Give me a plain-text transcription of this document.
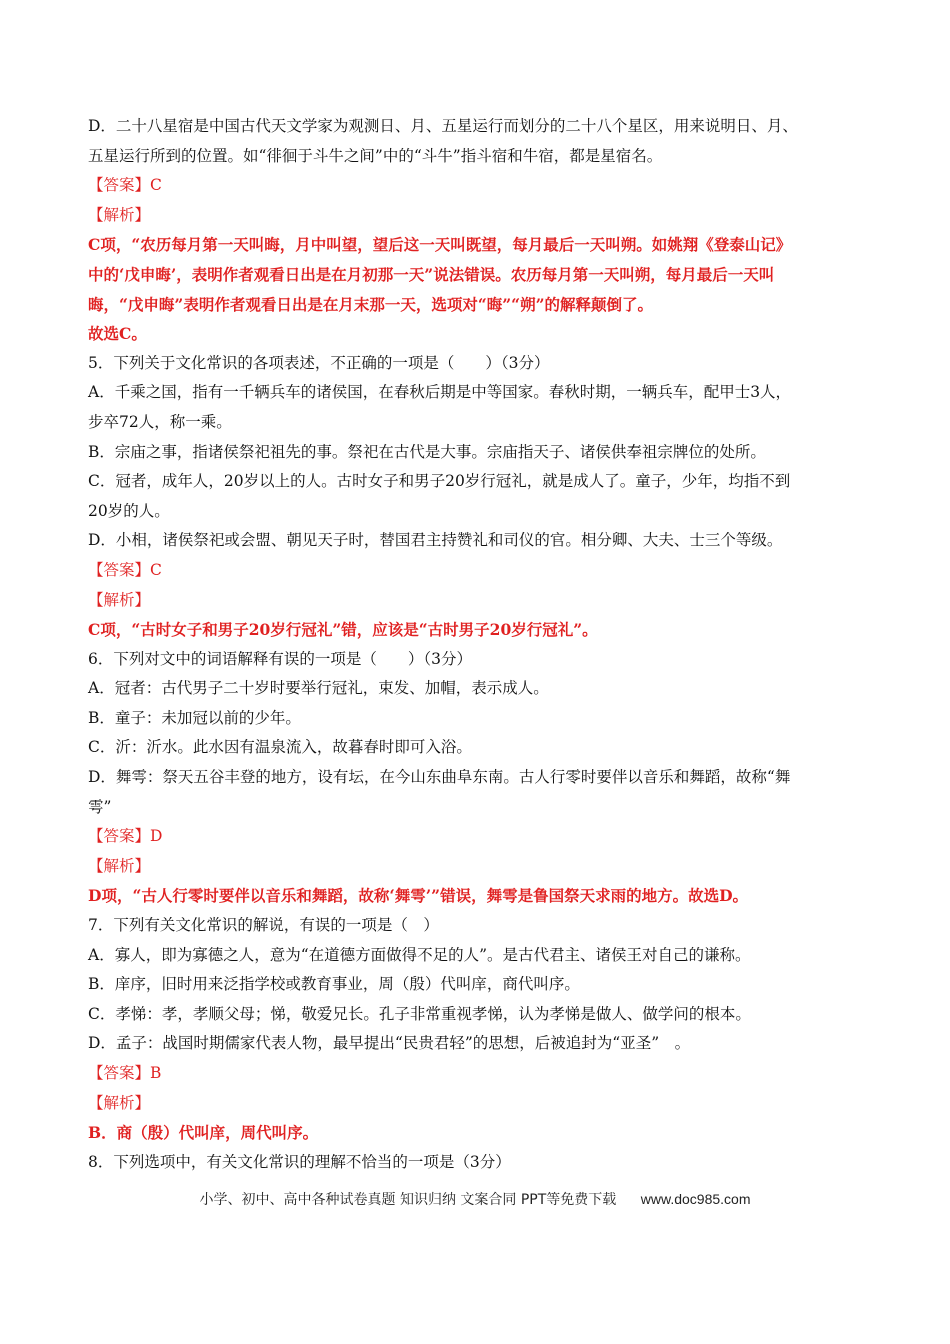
D．二十八星宿是中国古代天文学家为观测日、月、五星运行而划分的二十八个星区，用来说明日、月、
五星运行所到的位置。如“徘徊于斗牛之间”中的“斗牛”指斗宿和牛宿，都是星宿名。
【答案】C
【解析】
C项，“农历每月第一天叫晦，月中叫望，望后这一天叫既望，每月最后一天叫朔。如姚翔《登泰山记》
中的‘戊申晦’，表明作者观看日出是在月初那一天”说法错误。农历每月第一天叫朔，每月最后一天叫
晦，“戊申晦”表明作者观看日出是在月末那一天，选项对“晦”“朔”的解释颠倒了。
故选C。
5．下列关于文化常识的各项表述，不正确的一项是（　　）（3分）
A．千乘之国，指有一千辆兵车的诸侯国，在春秋后期是中等国家。春秋时期，一辆兵车，配甲士3人，
步卒72人，称一乘。
B．宗庙之事，指诸侯祭祀祖先的事。祭祀在古代是大事。宗庙指天子、诸侯供奉祖宗牌位的处所。
C．冠者，成年人，20岁以上的人。古时女子和男子20岁行冠礼，就是成人了。童子，少年，均指不到
20岁的人。
D．小相，诸侯祭祀或会盟、朝见天子时，替国君主持赞礼和司仪的官。相分卿、大夫、士三个等级。
【答案】C
【解析】
C项，“古时女子和男子20岁行冠礼”错，应该是“古时男子20岁行冠礼”。
6．下列对文中的词语解释有误的一项是（　　）（3分）
A．冠者：古代男子二十岁时要举行冠礼，束发、加帽，表示成人。
B．童子：未加冠以前的少年。
C．沂：沂水。此水因有温泉流入，故暮春时即可入浴。
D．舞雩：祭天五谷丰登的地方，设有坛，在今山东曲阜东南。古人行零时要伴以音乐和舞蹈，故称“舞
雩”
【答案】D
【解析】
D项，“古人行零时要伴以音乐和舞蹈，故称‘舞雩’”错误，舞雩是鲁国祭天求雨的地方。故选D。
7．下列有关文化常识的解说，有误的一项是（　）
A．寡人，即为寡德之人，意为“在道德方面做得不足的人”。是古代君主、诸侯王对自己的谦称。
B．庠序，旧时用来泛指学校或教育事业，周（殷）代叫庠，商代叫序。
C．孝悌：孝，孝顺父母；悌，敬爱兄长。孔子非常重视孝悌，认为孝悌是做人、做学问的根本。
D．孟子：战国时期儒家代表人物，最早提出“民贵君轻”的思想，后被追封为“亚圣”　。
【答案】B
【解析】
B．商（殷）代叫庠，周代叫序。
8．下列选项中，有关文化常识的理解不恰当的一项是（3分）
小学、初中、高中各种试卷真题 知识归纳 文案合同 PPT等免费下载 www.doc985.com
